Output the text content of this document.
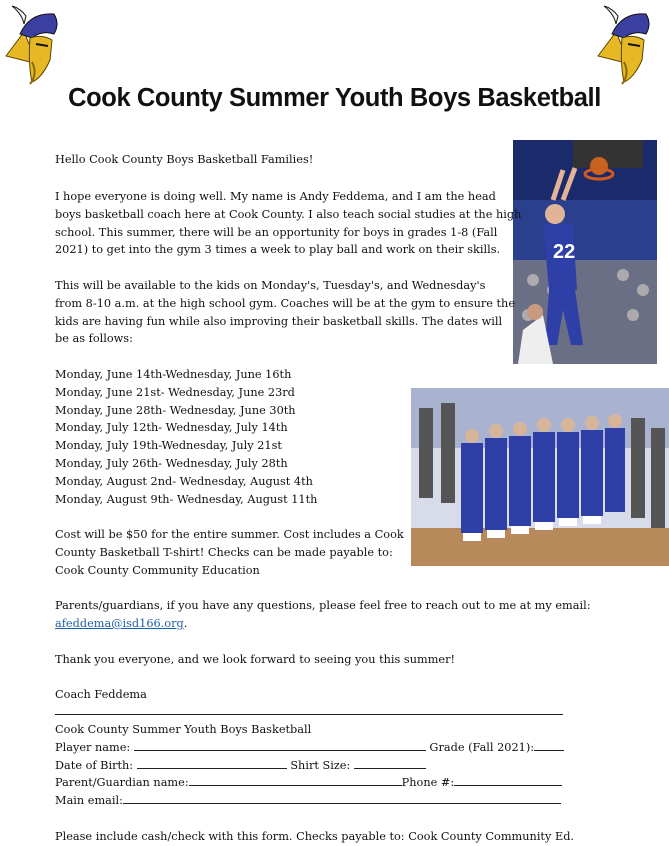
Cook County Summer Youth Boys Basketball
22
Hello Cook County Boys Basketball Families!
I hope everyone is doing well. My name is Andy Feddema, and I am the head
boys basketball coach here at Cook County. I also teach social studies at the high
school. This summer, there will be an opportunity for boys in grades 1-8 (Fall
2021) to get into the gym 3 times a week to play ball and work on their skills.
This will be available to the kids on Monday's, Tuesday's, and Wednesday's
from 8-10 a.m. at the high school gym. Coaches will be at the gym to ensure the
kids are having fun while also improving their basketball skills. The dates will
be as follows:
Monday, June 14th-Wednesday, June 16th
Monday, June 21st- Wednesday, June 23rd
Monday, June 28th- Wednesday, June 30th
Monday, July 12th- Wednesday, July 14th
Monday, July 19th-Wednesday, July 21st
Monday, July 26th- Wednesday, July 28th
Monday, August 2nd- Wednesday, August 4th
Monday, August 9th- Wednesday, August 11th
Cost will be $50 for the entire summer. Cost includes a Cook
County Basketball T-shirt! Checks can be made payable to:
Cook County Community Education
Parents/guardians, if you have any questions, please feel free to reach out to me at my email:
afeddema@isd166.org.
Thank you everyone, and we look forward to seeing you this summer!
Coach Feddema
Cook County Summer Youth Boys Basketball
Player name:	Grade (Fall 2021):
Date of Birth:	Shirt Size:
Parent/Guardian name:	Phone #:
Main email:
Please include cash/check with this form. Checks payable to: Cook County Community Ed.
